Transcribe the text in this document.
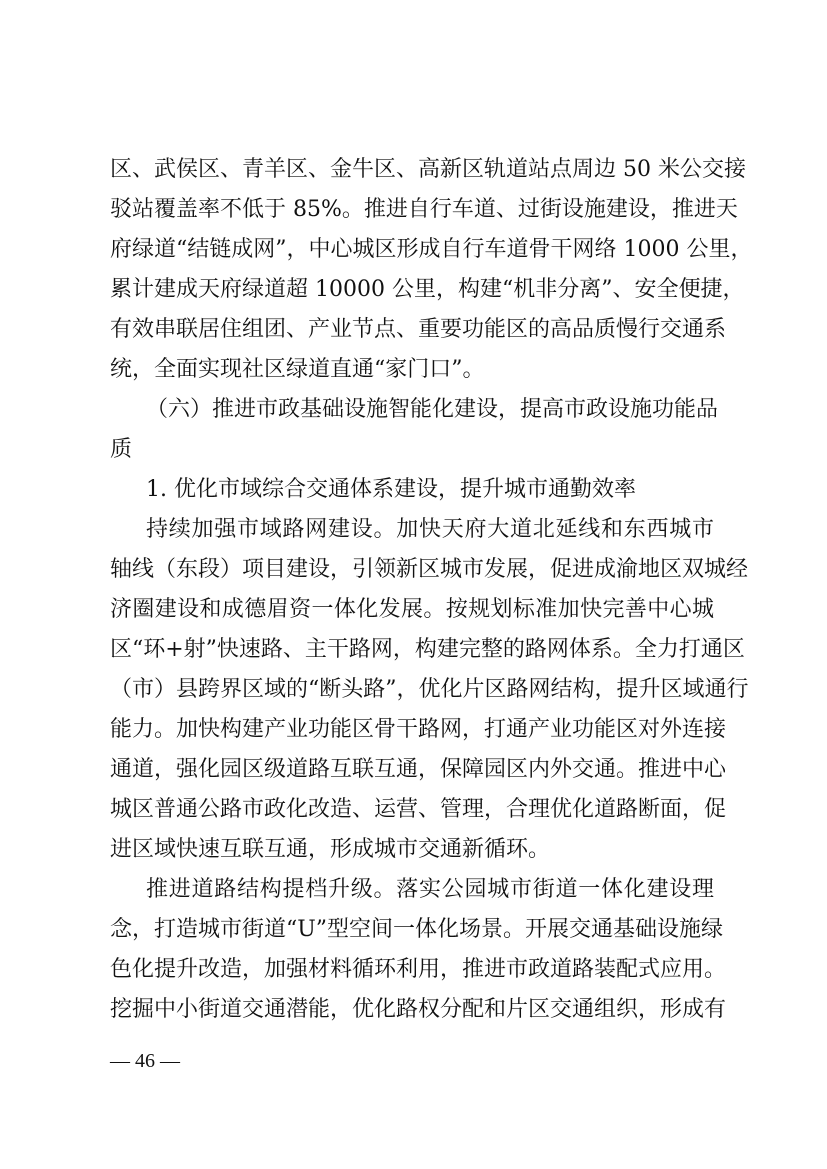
区、武侯区、青羊区、金牛区、高新区轨道站点周边 50 米公交接
驳站覆盖率不低于 85%。推进自行车道、过街设施建设，推进天
府绿道“结链成网”，中心城区形成自行车道骨干网络 1000 公里，
累计建成天府绿道超 10000 公里，构建“机非分离”、安全便捷，
有效串联居住组团、产业节点、重要功能区的高品质慢行交通系
统，全面实现社区绿道直通“家门口”。
（六）推进市政基础设施智能化建设，提高市政设施功能品
质
1. 优化市域综合交通体系建设，提升城市通勤效率
持续加强市域路网建设。加快天府大道北延线和东西城市
轴线（东段）项目建设，引领新区城市发展，促进成渝地区双城经
济圈建设和成德眉资一体化发展。按规划标准加快完善中心城
区“环+射”快速路、主干路网，构建完整的路网体系。全力打通区
（市）县跨界区域的“断头路”，优化片区路网结构，提升区域通行
能力。加快构建产业功能区骨干路网，打通产业功能区对外连接
通道，强化园区级道路互联互通，保障园区内外交通。推进中心
城区普通公路市政化改造、运营、管理，合理优化道路断面，促
进区域快速互联互通，形成城市交通新循环。
推进道路结构提档升级。落实公园城市街道一体化建设理
念，打造城市街道“U”型空间一体化场景。开展交通基础设施绿
色化提升改造，加强材料循环利用，推进市政道路装配式应用。
挖掘中小街道交通潜能，优化路权分配和片区交通组织，形成有
— 46 —
